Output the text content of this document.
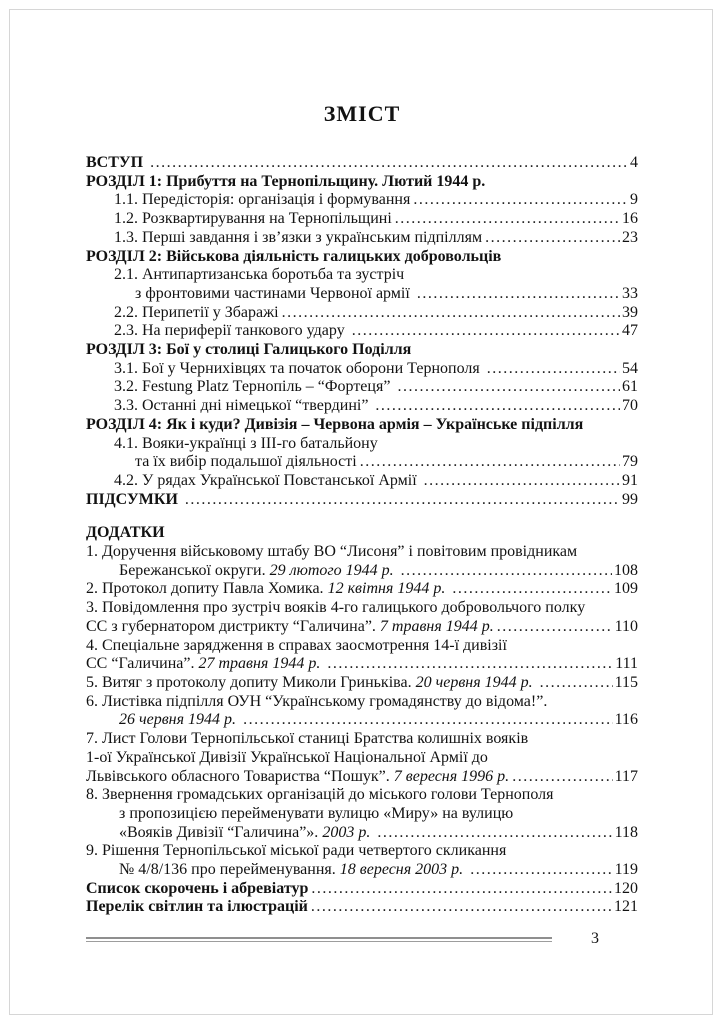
ЗМІСТ
ВСТУП .....	4
РОЗДІЛ 1: Прибуття на Тернопільщину. Лютий 1944 р.
1.1. Передісторія: організація і формування .....	9
1.2. Розквартирування на Тернопільщині .....	16
1.3. Перші завдання і зв’язки з українським підпіллям .....	23
РОЗДІЛ 2: Військова діяльність галицьких добровольців
2.1. Антипартизанська боротьба та зустріч
з фронтовими частинами Червоної армії .....	33
2.2. Перипетії у Збаражі .....	39
2.3. На периферії танкового удару .....	47
РОЗДІЛ 3: Бої у столиці Галицького Поділля
3.1. Бої у Чернихівцях та початок оборони Тернополя .....	54
3.2. Festung Platz Тернопіль – “Фортеця” .....	61
3.3. Останні дні німецької “твердині” .....	70
РОЗДІЛ 4: Як і куди? Дивізія – Червона армія – Українське підпілля
4.1. Вояки-українці з ІІІ-го батальйону
та їх вибір подальшої діяльності .....	79
4.2. У рядах Української Повстанської Армії .....	91
ПІДСУМКИ .....	99
ДОДАТКИ
1. Доручення військовому штабу ВО “Лисоня” і повітовим провідникам
Бережанської округи. 29 лютого 1944 р. .....	108
2. Протокол допиту Павла Хомика. 12 квітня 1944 р. .....	109
3. Повідомлення про зустріч вояків 4-го галицького добровольчого полку
СС з губернатором дистрикту “Галичина”. 7 травня 1944 р. .....	110
4. Спеціальне зарядження в справах заосмотрення 14-ї дивізії
СС “Галичина”. 27 травня 1944 р. .....	111
5. Витяг з протоколу допиту Миколи Гриньківа. 20 червня 1944 р. .....	115
6. Листівка підпілля ОУН “Українському громадянству до відома!”.
26 червня 1944 р. .....	116
7. Лист Голови Тернопільської станиці Братства колишніх вояків
1-ої Української Дивізії Української Національної Армії до
Львівського обласного Товариства “Пошук”. 7 вересня 1996 р. .....	117
8. Звернення громадських організацій до міського голови Тернополя
з пропозицією перейменувати вулицю «Миру» на вулицю
«Вояків Дивізії “Галичина”». 2003 р. .....	118
9. Рішення Тернопільської міської ради четвертого скликання
№ 4/8/136 про перейменування. 18 вересня 2003 р. .....	119
Список скорочень і абревіатур .....	120
Перелік світлин та ілюстрацій .....	121
3
